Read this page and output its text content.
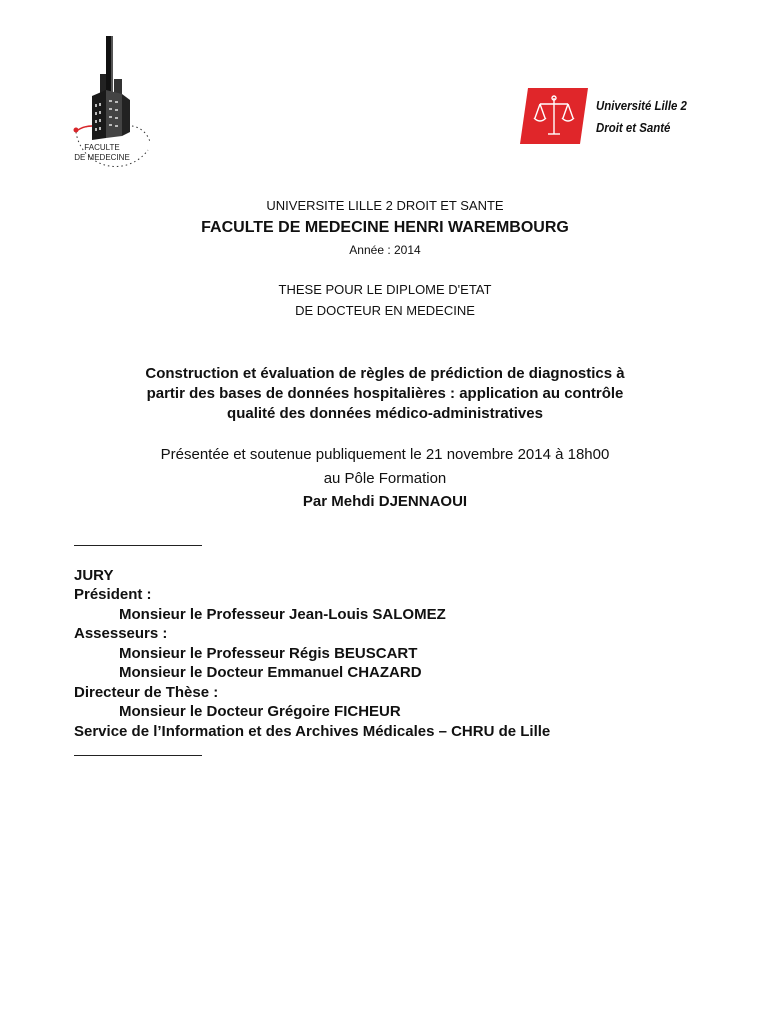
FACULTE
DE MEDECINE
Université Lille 2
Droit et Santé
UNIVERSITE LILLE 2 DROIT ET SANTE
FACULTE DE MEDECINE HENRI WAREMBOURG
Année : 2014
THESE POUR LE DIPLOME D'ETAT
DE DOCTEUR EN MEDECINE
Construction et évaluation de règles de prédiction de diagnostics à
partir des bases de données hospitalières : application au contrôle
qualité des données médico-administratives
Présentée et soutenue publiquement le 21 novembre 2014 à 18h00
au Pôle Formation
Par Mehdi DJENNAOUI
JURY
Président :
Monsieur le Professeur Jean-Louis SALOMEZ
Assesseurs :
Monsieur le Professeur Régis BEUSCART
Monsieur le Docteur Emmanuel CHAZARD
Directeur de Thèse :
Monsieur le Docteur Grégoire FICHEUR
Service de l’Information et des Archives Médicales – CHRU de Lille
